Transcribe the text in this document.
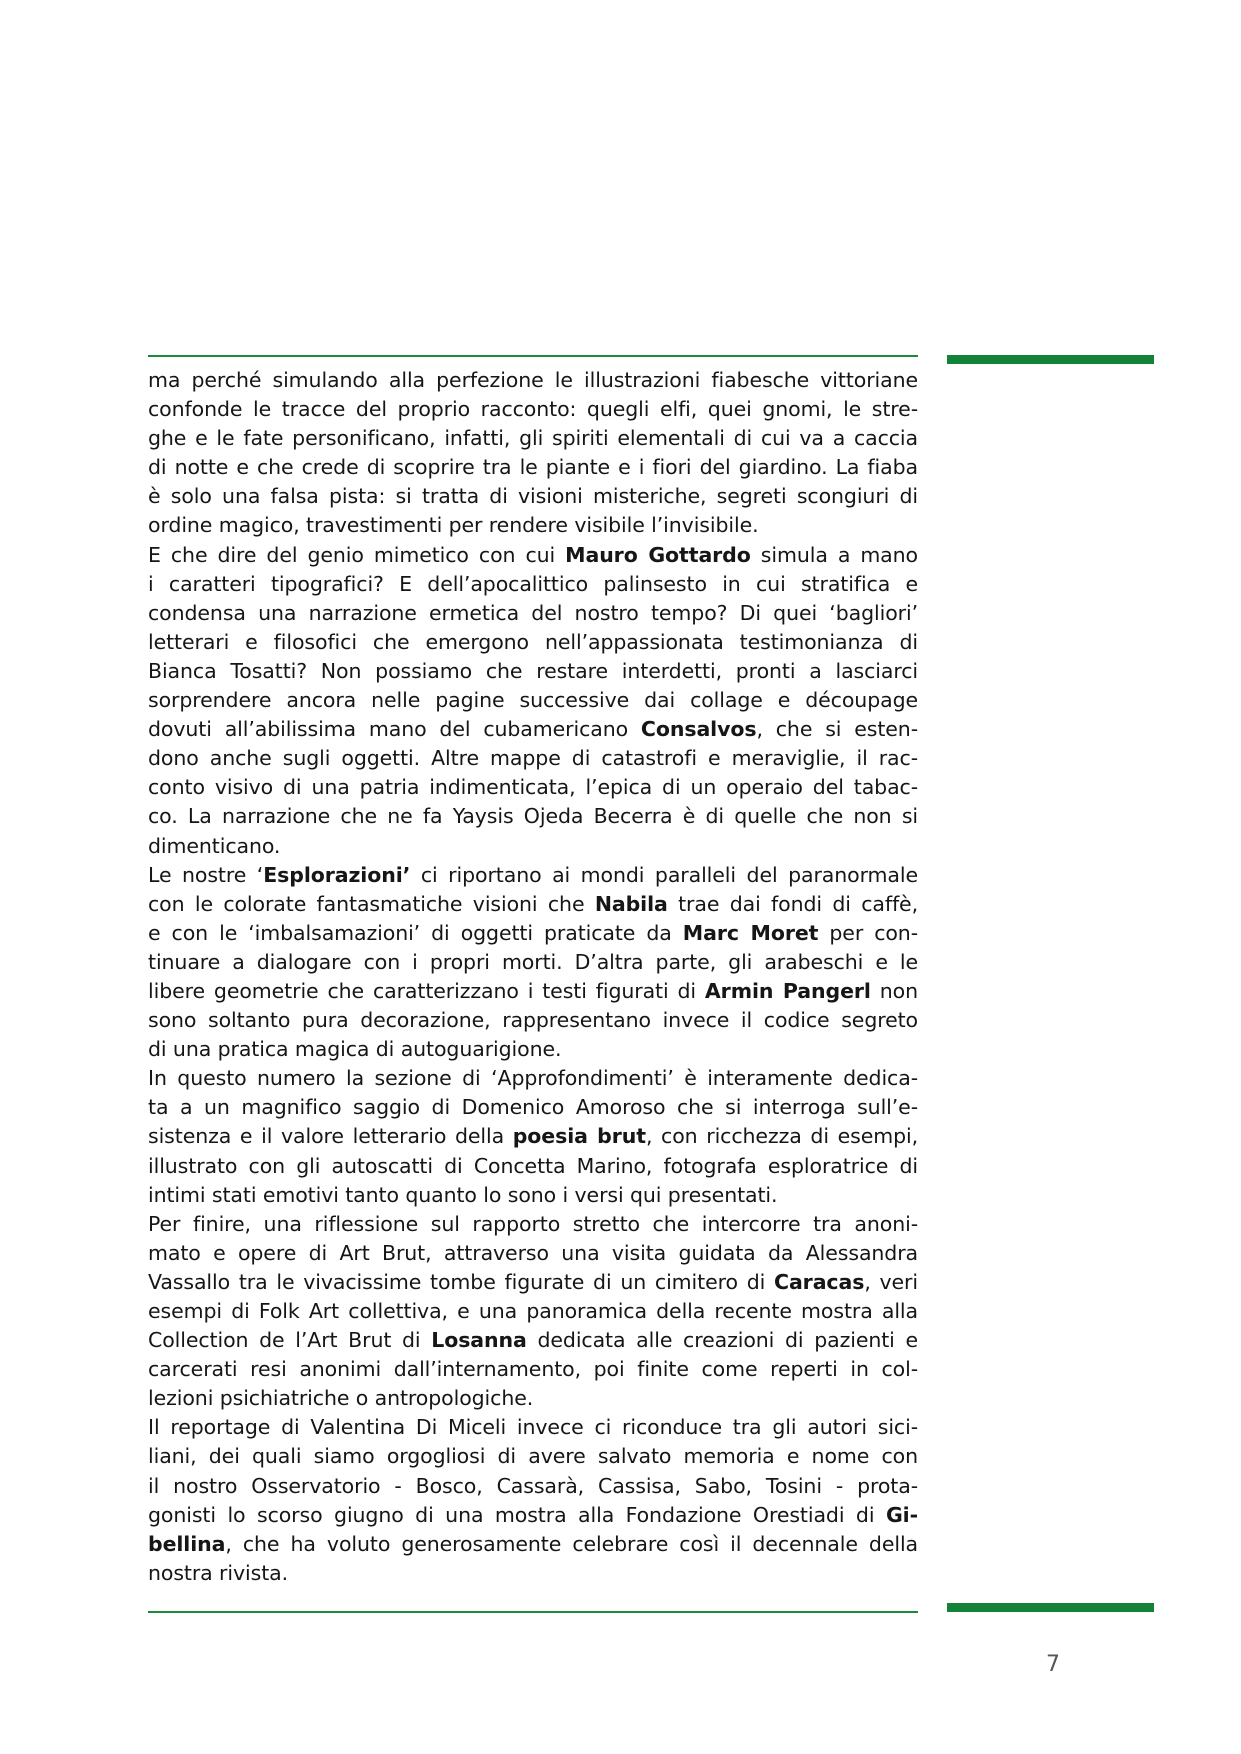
ma perché simulando alla perfezione le illustrazioni fiabesche vittoriane
confonde le tracce del proprio racconto: quegli elfi, quei gnomi, le stre-
ghe e le fate personificano, infatti, gli spiriti elementali di cui va a caccia
di notte e che crede di scoprire tra le piante e i fiori del giardino. La fiaba
è solo una falsa pista: si tratta di visioni misteriche, segreti scongiuri di
ordine magico, travestimenti per rendere visibile l’invisibile.
E che dire del genio mimetico con cui Mauro Gottardo simula a mano
i caratteri tipografici? E dell’apocalittico palinsesto in cui stratifica e
condensa una narrazione ermetica del nostro tempo? Di quei ‘bagliori’
letterari e filosofici che emergono nell’appassionata testimonianza di
Bianca Tosatti? Non possiamo che restare interdetti, pronti a lasciarci
sorprendere ancora nelle pagine successive dai collage e découpage
dovuti all’abilissima mano del cubamericano Consalvos, che si esten-
dono anche sugli oggetti. Altre mappe di catastrofi e meraviglie, il rac-
conto visivo di una patria indimenticata, l’epica di un operaio del tabac-
co. La narrazione che ne fa Yaysis Ojeda Becerra è di quelle che non si
dimenticano.
Le nostre ‘Esplorazioni’ ci riportano ai mondi paralleli del paranormale
con le colorate fantasmatiche visioni che Nabila trae dai fondi di caffè,
e con le ‘imbalsamazioni’ di oggetti praticate da Marc Moret per con-
tinuare a dialogare con i propri morti. D’altra parte, gli arabeschi e le
libere geometrie che caratterizzano i testi figurati di Armin Pangerl non
sono soltanto pura decorazione, rappresentano invece il codice segreto
di una pratica magica di autoguarigione.
In questo numero la sezione di ‘Approfondimenti’ è interamente dedica-
ta a un magnifico saggio di Domenico Amoroso che si interroga sull’e-
sistenza e il valore letterario della poesia brut, con ricchezza di esempi,
illustrato con gli autoscatti di Concetta Marino, fotografa esploratrice di
intimi stati emotivi tanto quanto lo sono i versi qui presentati.
Per finire, una riflessione sul rapporto stretto che intercorre tra anoni-
mato e opere di Art Brut, attraverso una visita guidata da Alessandra
Vassallo tra le vivacissime tombe figurate di un cimitero di Caracas, veri
esempi di Folk Art collettiva, e una panoramica della recente mostra alla
Collection de l’Art Brut di Losanna dedicata alle creazioni di pazienti e
carcerati resi anonimi dall’internamento, poi finite come reperti in col-
lezioni psichiatriche o antropologiche.
Il reportage di Valentina Di Miceli invece ci riconduce tra gli autori sici-
liani, dei quali siamo orgogliosi di avere salvato memoria e nome con
il nostro Osservatorio - Bosco, Cassarà, Cassisa, Sabo, Tosini - prota-
gonisti lo scorso giugno di una mostra alla Fondazione Orestiadi di Gi-
bellina, che ha voluto generosamente celebrare così il decennale della
nostra rivista.
7
